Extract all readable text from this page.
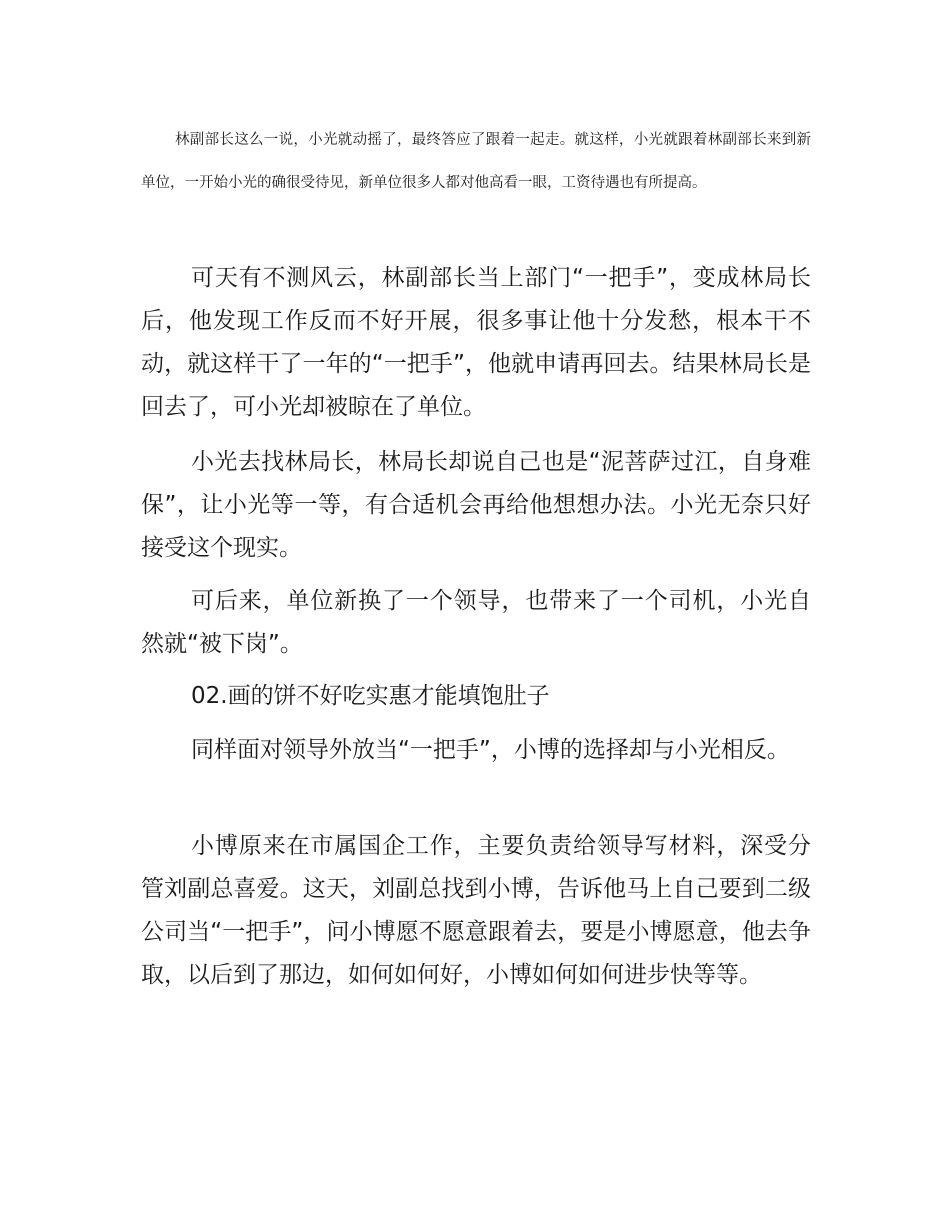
林副部长这么一说，小光就动摇了，最终答应了跟着一起走。就这样，小光就跟着林副部长来到新单位，一开始小光的确很受待见，新单位很多人都对他高看一眼，工资待遇也有所提高。

可天有不测风云，林副部长当上部门“一把手”，变成林局长后，他发现工作反而不好开展，很多事让他十分发愁，根本干不动，就这样干了一年的“一把手”，他就申请再回去。结果林局长是回去了，可小光却被晾在了单位。

小光去找林局长，林局长却说自己也是“泥菩萨过江，自身难保”，让小光等一等，有合适机会再给他想想办法。小光无奈只好接受这个现实。

可后来，单位新换了一个领导，也带来了一个司机，小光自然就“被下岗”。

02.画的饼不好吃实惠才能填饱肚子

同样面对领导外放当“一把手”，小博的选择却与小光相反。

小博原来在市属国企工作，主要负责给领导写材料，深受分管刘副总喜爱。这天，刘副总找到小博，告诉他马上自己要到二级公司当“一把手”，问小博愿不愿意跟着去，要是小博愿意，他去争取，以后到了那边，如何如何好，小博如何如何进步快等等。
